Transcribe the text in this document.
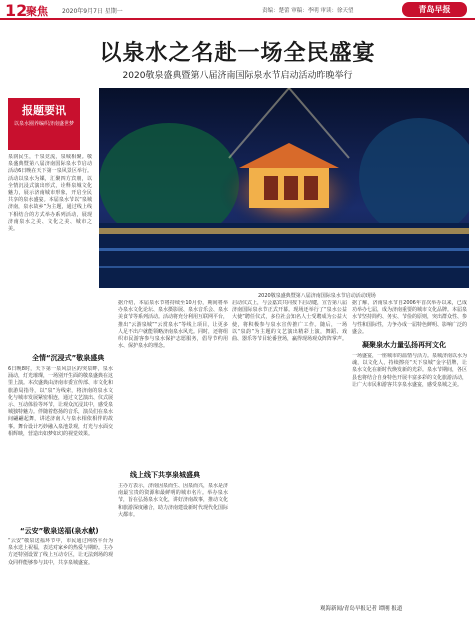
12
聚焦 2020年9月7日 星期一	责编：楚蕾 审稿：李明 审读：徐天望	青岛早报
以泉水之名赴一场全民盛宴
2020敬泉盛典暨第八届济南国际泉水节启动活动昨晚举行
报题要讯
以泉水圈养编织济南盛世梦
泉润民生，千泉竞流，泉城相聚。敬泉盛典暨第八届济南国际泉水节启动活动6日晚在天下第一泉风景区举行。活动以泉水为媒，汇聚四方宾朋，以全情沉浸式演出形式，诠释泉城文化魅力，展示济南城市形象，开启全民共享的泉水盛宴。本届泉水节以“泉城济南，泉水故乡”为主题，通过线上线下相结合的方式举办系列活动，展现济南泉水之美、文化之美、城市之美。
2020敬泉盛典暨第八届济南国际泉水节启动活动现场
全情“沉浸式”敬泉盛典
6日晚8时，天下第一泉风景区趵突泉畔，泉水涌动，灯光璀璨，一场别开生面的敬泉盛典在这里上演。本次盛典由济南市委宣传部、市文化和旅游局指导，以“泉”为线索，将济南的泉水文化与城市发展紧密相连，通过文艺演出、仪式展示、互动体验等环节，让观众沉浸其中，感受泉城独特魅力。伴随着悠扬的音乐，演员们在泉水间翩翩起舞，讲述济南人与泉水相依相伴的故事。舞台设计巧妙融入泉池景观，灯光与水面交相辉映，营造出如梦如幻的视觉效果。
“云安”敬泉送福(泉水献)
“云安”敬泉送福环节中，市民通过网络平台为泉水送上祝福，表达对家乡的热爱与期盼。主办方还特别设置了线上互动专区，让无法到场的观众同样能够参与其中，共享泉城盛宴。
据介绍，本届泉水节将持续至10月份，期间将举办泉水文化论坛、泉水摄影展、泉水音乐会、泉水美食节等系列活动。活动将充分利用互联网平台，推出“云游泉城”“云赏泉水”等线上项目，让更多人足不出户就能领略济南泉水风光。同时，还将组织市民游客参与泉水保护志愿服务，倡导节约用水、保护泉水的理念。
线上线下共享泉城盛典
主办方表示，济南因泉而生、因泉而兴，泉水是济南最宝贵的资源和最鲜明的城市名片。举办泉水节，旨在弘扬泉水文化，讲好济南故事，推动文化和旅游深度融合，助力济南建设新时代现代化国际大都市。
启动仪式上，与会嘉宾共同按下启动键，宣告第八届济南国际泉水节正式开幕。现场还举行了“泉水公益大使”聘任仪式，多位社会知名人士受聘成为公益大使，将积极参与泉水宣传推广工作。随后，一场以“泉韵”为主题的文艺演出精彩上演，舞蹈、戏曲、器乐等节目轮番登场，赢得现场观众阵阵掌声。
据了解，济南泉水节自2006年首次举办以来，已成功举办七届，成为济南重要的城市文化品牌。本届泉水节坚持简约、务实、节俭的原则，突出群众性、参与性和国际性，力争办成一届特色鲜明、影响广泛的盛会。
凝聚泉水力量弘扬再河文化
一场盛宴，一座城市的温情与活力。泉城济南以水为魂，以文化人，持续擦亮“天下泉城”金字招牌，让泉水文化在新时代焕发新的光彩。泉水节期间，各区县也将结合自身特色开展丰富多彩的文化旅游活动，让广大市民和游客共享泉水盛宴，感受泉城之美。
观海新闻/青岛早报记者 谭刚 报道
